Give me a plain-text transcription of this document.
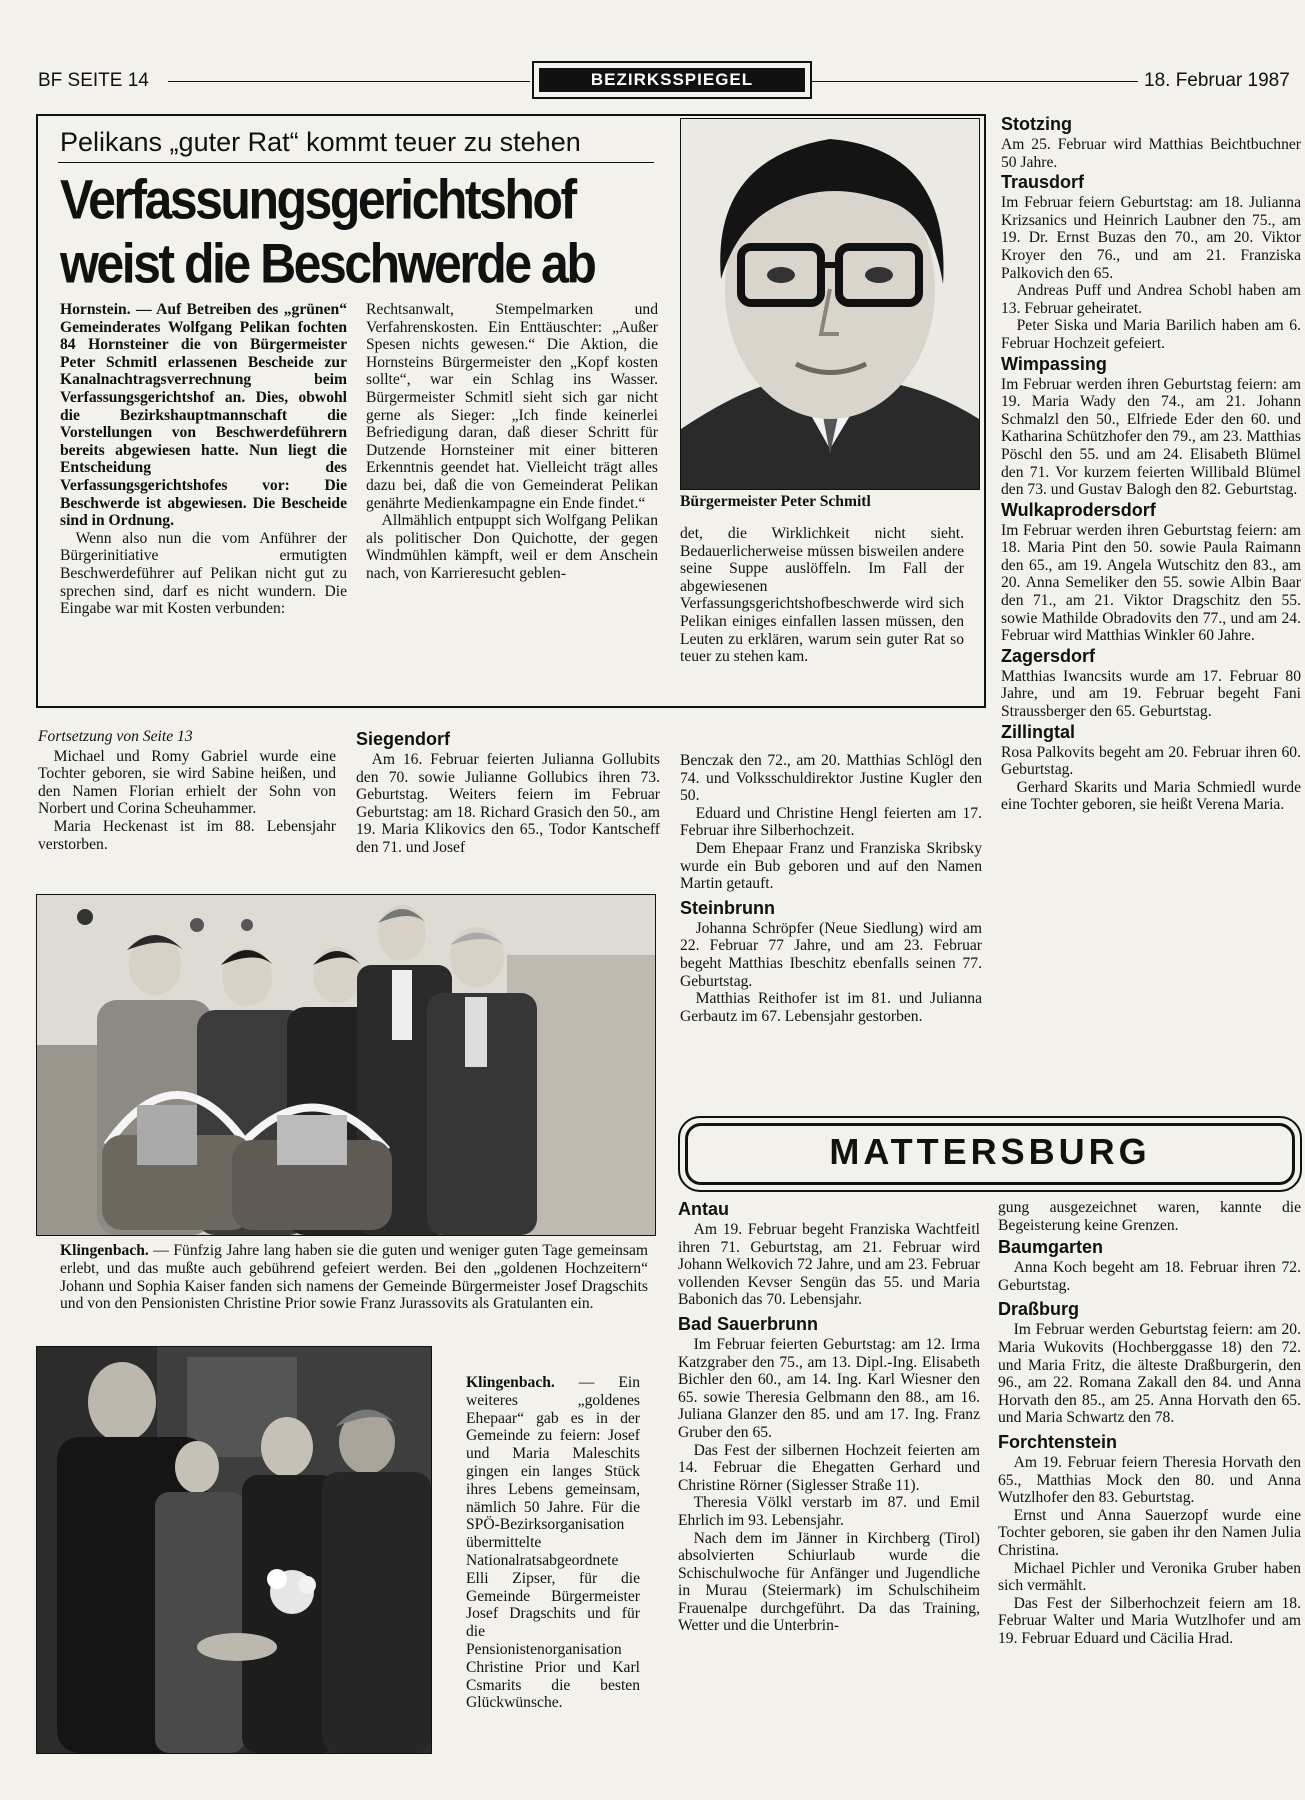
BF SEITE 14	BEZIRKSSPIEGEL	18. Februar 1987
Pelikans „guter Rat“ kommt teuer zu stehen
Verfassungsgerichtshof
weist die Beschwerde ab

Hornstein. — Auf Betreiben des „grünen“ Gemeinderates Wolfgang Pelikan fochten 84 Hornsteiner die von Bürgermeister Peter Schmitl erlassenen Bescheide zur Kanalnachtragsverrechnung beim Verfassungsgerichtshof an. Dies, obwohl die Bezirkshauptmannschaft die Vorstellungen von Beschwerdeführern bereits abgewiesen hatte. Nun liegt die Entscheidung des Verfassungsgerichtshofes vor: Die Beschwerde ist abgewiesen. Die Bescheide sind in Ordnung.

Wenn also nun die vom Anführer der Bürgerinitiative ermutigten Beschwerdeführer auf Pelikan nicht gut zu sprechen sind, darf es nicht wundern. Die Eingabe war mit Kosten verbunden:

Rechtsanwalt, Stempelmarken und Verfahrenskosten. Ein Enttäuschter: „Außer Spesen nichts gewesen.“ Die Aktion, die Hornsteins Bürgermeister den „Kopf kosten sollte“, war ein Schlag ins Wasser. Bürgermeister Schmitl sieht sich gar nicht gerne als Sieger: „Ich finde keinerlei Befriedigung daran, daß dieser Schritt für Dutzende Hornsteiner mit einer bitteren Erkenntnis geendet hat. Vielleicht trägt alles dazu bei, daß die von Gemeinderat Pelikan genährte Medienkampagne ein Ende findet.“

Allmählich entpuppt sich Wolfgang Pelikan als politischer Don Quichotte, der gegen Windmühlen kämpft, weil er dem Anschein nach, von Karrieresucht geblen-

Bürgermeister Peter Schmitl

det, die Wirklichkeit nicht sieht. Bedauerlicherweise müssen bisweilen andere seine Suppe auslöffeln. Im Fall der abgewiesenen Verfassungsgerichtshofbeschwerde wird sich Pelikan einiges einfallen lassen müssen, den Leuten zu erklären, warum sein guter Rat so teuer zu stehen kam.

Stotzing

Am 25. Februar wird Matthias Beichtbuchner 50 Jahre.

Trausdorf

Im Februar feiern Geburtstag: am 18. Julianna Krizsanics und Heinrich Laubner den 75., am 19. Dr. Ernst Buzas den 70., am 20. Viktor Kroyer den 76., und am 21. Franziska Palkovich den 65.

Andreas Puff und Andrea Schobl haben am 13. Februar geheiratet.

Peter Siska und Maria Barilich haben am 6. Februar Hochzeit gefeiert.

Wimpassing

Im Februar werden ihren Geburtstag feiern: am 19. Maria Wady den 74., am 21. Johann Schmalzl den 50., Elfriede Eder den 60. und Katharina Schützhofer den 79., am 23. Matthias Pöschl den 55. und am 24. Elisabeth Blümel den 71. Vor kurzem feierten Willibald Blümel den 73. und Gustav Balogh den 82. Geburtstag.

Wulkaprodersdorf

Im Februar werden ihren Geburtstag feiern: am 18. Maria Pint den 50. sowie Paula Raimann den 65., am 19. Angela Wutschitz den 83., am 20. Anna Semeliker den 55. sowie Albin Baar den 71., am 21. Viktor Dragschitz den 55. sowie Mathilde Obradovits den 77., und am 24. Februar wird Matthias Winkler 60 Jahre.

Zagersdorf

Matthias Iwancsits wurde am 17. Februar 80 Jahre, und am 19. Februar begeht Fani Straussberger den 65. Geburtstag.

Zillingtal

Rosa Palkovits begeht am 20. Februar ihren 60. Geburtstag.

Gerhard Skarits und Maria Schmiedl wurde eine Tochter geboren, sie heißt Verena Maria.

Fortsetzung von Seite 13

Michael und Romy Gabriel wurde eine Tochter geboren, sie wird Sabine heißen, und den Namen Florian erhielt der Sohn von Norbert und Corina Scheuhammer.

Maria Heckenast ist im 88. Lebensjahr verstorben.

Siegendorf

Am 16. Februar feierten Julianna Gollubits den 70. sowie Julianne Gollubics ihren 73. Geburtstag. Weiters feiern im Februar Geburtstag: am 18. Richard Grasich den 50., am 19. Maria Klikovics den 65., Todor Kantscheff den 71. und Josef

Klingenbach. — Fünfzig Jahre lang haben sie die guten und weniger guten Tage gemeinsam erlebt, und das mußte auch gebührend gefeiert werden. Bei den „goldenen Hochzeitern“ Johann und Sophia Kaiser fanden sich namens der Gemeinde Bürgermeister Josef Dragschits und von den Pensionisten Christine Prior sowie Franz Jurassovits als Gratulanten ein.
Klingenbach. — Ein weiteres „goldenes Ehepaar“ gab es in der Gemeinde zu feiern: Josef und Maria Maleschits gingen ein langes Stück ihres Lebens gemeinsam, nämlich 50 Jahre. Für die SPÖ-Bezirksorganisation übermittelte Nationalratsabgeordnete Elli Zipser, für die Gemeinde Bürgermeister Josef Dragschits und für die Pensionistenorganisation Christine Prior und Karl Csmarits die besten Glückwünsche.

Benczak den 72., am 20. Matthias Schlögl den 74. und Volksschuldirektor Justine Kugler den 50.

Eduard und Christine Hengl feierten am 17. Februar ihre Silberhochzeit.

Dem Ehepaar Franz und Franziska Skribsky wurde ein Bub geboren und auf den Namen Martin getauft.

Steinbrunn

Johanna Schröpfer (Neue Siedlung) wird am 22. Februar 77 Jahre, und am 23. Februar begeht Matthias Ibeschitz ebenfalls seinen 77. Geburtstag.

Matthias Reithofer ist im 81. und Julianna Gerbautz im 67. Lebensjahr gestorben.

MATTERSBURG
Antau

Am 19. Februar begeht Franziska Wachtfeitl ihren 71. Geburtstag, am 21. Februar wird Johann Welkovich 72 Jahre, und am 23. Februar vollenden Kevser Sengün das 55. und Maria Babonich das 70. Lebensjahr.

Bad Sauerbrunn

Im Februar feierten Geburtstag: am 12. Irma Katzgraber den 75., am 13. Dipl.-Ing. Elisabeth Bichler den 60., am 14. Ing. Karl Wiesner den 65. sowie Theresia Gelbmann den 88., am 16. Juliana Glanzer den 85. und am 17. Ing. Franz Gruber den 65.

Das Fest der silbernen Hochzeit feierten am 14. Februar die Ehegatten Gerhard und Christine Rörner (Siglesser Straße 11).

Theresia Völkl verstarb im 87. und Emil Ehrlich im 93. Lebensjahr.

Nach dem im Jänner in Kirchberg (Tirol) absolvierten Schiurlaub wurde die Schischulwoche für Anfänger und Jugendliche in Murau (Steiermark) im Schulschiheim Frauenalpe durchgeführt. Da das Training, Wetter und die Unterbrin-

gung ausgezeichnet waren, kannte die Begeisterung keine Grenzen.

Baumgarten

Anna Koch begeht am 18. Februar ihren 72. Geburtstag.

Draßburg

Im Februar werden Geburtstag feiern: am 20. Maria Wukovits (Hochberggasse 18) den 72. und Maria Fritz, die älteste Draßburgerin, den 96., am 22. Romana Zakall den 84. und Anna Horvath den 85., am 25. Anna Horvath den 65. und Maria Schwartz den 78.

Forchtenstein

Am 19. Februar feiern Theresia Horvath den 65., Matthias Mock den 80. und Anna Wutzlhofer den 83. Geburtstag.

Ernst und Anna Sauerzopf wurde eine Tochter geboren, sie gaben ihr den Namen Julia Christina.

Michael Pichler und Veronika Gruber haben sich vermählt.

Das Fest der Silberhochzeit feiern am 18. Februar Walter und Maria Wutzlhofer und am 19. Februar Eduard und Cäcilia Hrad.
